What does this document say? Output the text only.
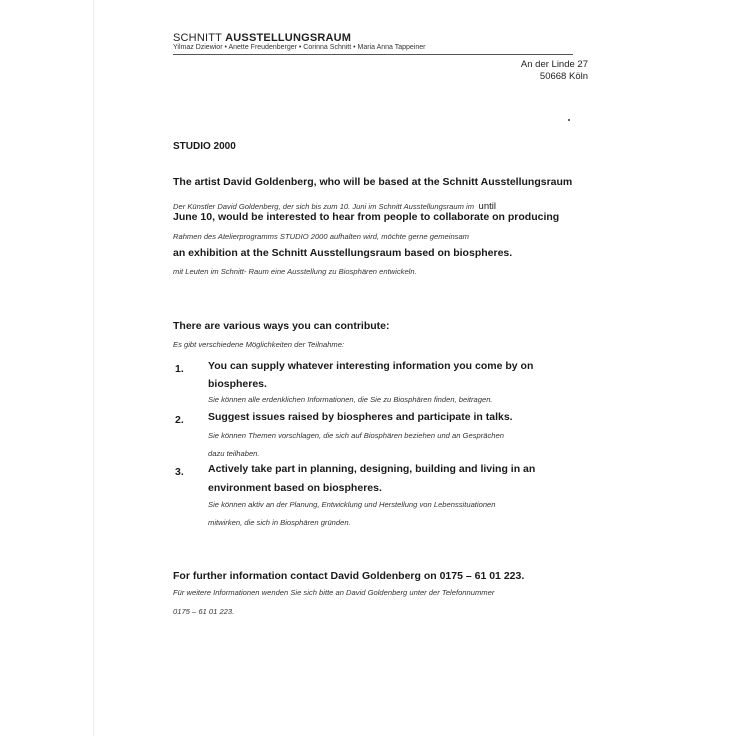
SCHNITT AUSSTELLUNGSRAUM
Yilmaz Dziewior • Anette Freudenberger • Corinna Schnitt • Maria Anna Tappeiner
An der Linde 27
50668 Köln
STUDIO 2000
The artist David Goldenberg, who will be based at the Schnitt Ausstellungsraum
Der Künstler David Goldenberg, der sich bis zum 10. Juni im Schnitt Ausstellungsraum im until
June 10, would be interested to hear from people to collaborate on producing
Rahmen des Atelierprogramms STUDIO 2000 aufhalten wird, möchte gerne gemeinsam
an exhibition at the Schnitt Ausstellungsraum based on biospheres.
mit Leuten im Schnitt- Raum eine Ausstellung zu Biosphären entwickeln.
There are various ways you can contribute:
Es gibt verschiedene Möglichkeiten der Teilnahme:
1. You can supply whatever interesting information you come by on
biospheres.
Sie können alle erdenklichen Informationen, die Sie zu Biosphären finden, beitragen.
2. Suggest issues raised by biospheres and participate in talks.
Sie können Themen vorschlagen, die sich auf Biosphären beziehen und an Gesprächen
dazu teilhaben.
3. Actively take part in planning, designing, building and living in an
environment based on biospheres.
Sie können aktiv an der Planung, Entwicklung und Herstellung von Lebenssituationen
mitwirken, die sich in Biosphären gründen.
For further information contact David Goldenberg on 0175 – 61 01 223.
Für weitere Informationen wenden Sie sich bitte an David Goldenberg unter der Telefonnummer
0175 – 61 01 223.
